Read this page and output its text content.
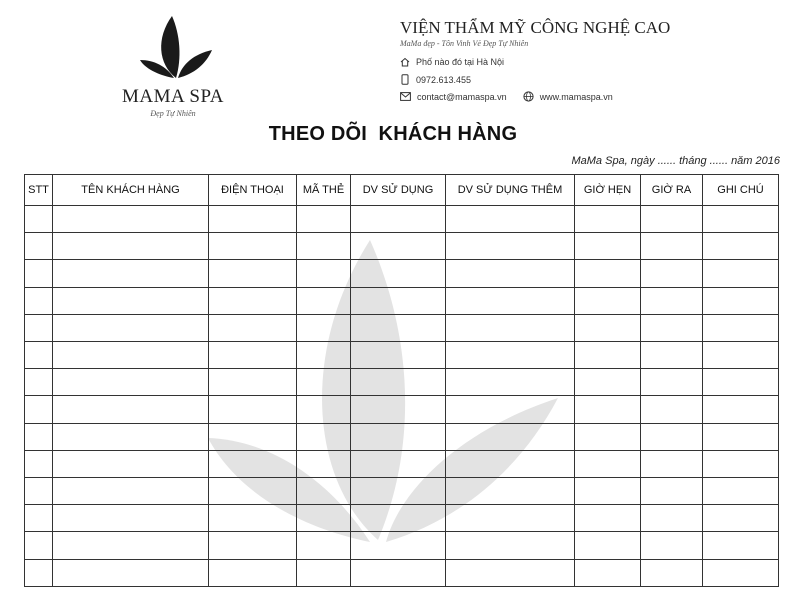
MAMA SPA
Đẹp Tự Nhiên
VIỆN THẨM MỸ CÔNG NGHỆ CAO
MaMa đẹp - Tôn Vinh Vẻ Đẹp Tự Nhiên
Phố nào đó tại Hà Nội
0972.613.455
contact@mamaspa.vn	www.mamaspa.vn
THEO DÕI  KHÁCH HÀNG
MaMa Spa, ngày ...... tháng ...... năm 2016
STT	TÊN KHÁCH HÀNG	ĐIỆN THOẠI	MÃ THẺ	DV SỬ DỤNG	DV SỬ DỤNG THÊM	GIỜ HẸN	GIỜ RA	GHI CHÚ
